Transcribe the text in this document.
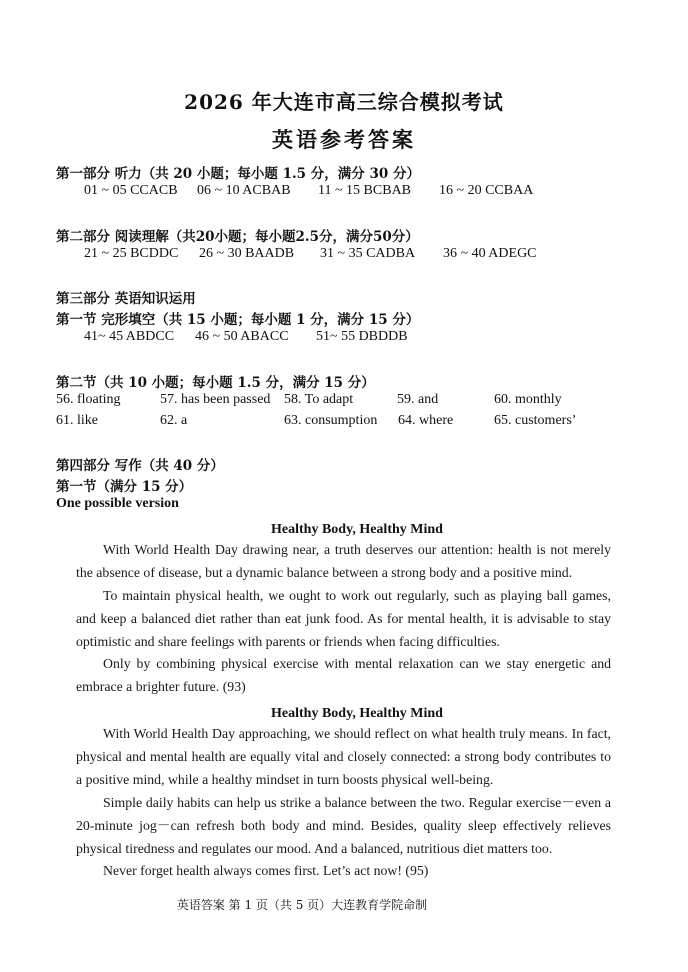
2026 年大连市高三综合模拟考试
英语参考答案
第一部分 听力（共 20 小题；每小题 1.5 分，满分 30 分）
01 ~ 05 CCACB 06 ~ 10 ACBAB 11 ~ 15 BCBAB 16 ~ 20 CCBAA
第二部分 阅读理解（共20小题；每小题2.5分，满分50分）
21 ~ 25 BCDDC 26 ~ 30 BAADB 31 ~ 35 CADBA 36 ~ 40 ADEGC
第三部分 英语知识运用
第一节 完形填空（共 15 小题；每小题 1 分，满分 15 分）
41~ 45 ABDCC 46 ~ 50 ABACC 51~ 55 DBDDB
第二节（共 10 小题；每小题 1.5 分，满分 15 分）
56. floating	57. has been passed 58. To adapt	59. and	60. monthly
61. like	62. a	63. consumption 64. where	65. customers’
第四部分 写作（共 40 分）
第一节（满分 15 分）
One possible version
Healthy Body, Healthy Mind
With World Health Day drawing near, a truth deserves our attention: health is not merely the absence of disease, but a dynamic balance between a strong body and a positive mind.
To maintain physical health, we ought to work out regularly, such as playing ball games, and keep a balanced diet rather than eat junk food. As for mental health, it is advisable to stay optimistic and share feelings with parents or friends when facing difficulties.
Only by combining physical exercise with mental relaxation can we stay energetic and embrace a brighter future. (93)
Healthy Body, Healthy Mind
With World Health Day approaching, we should reflect on what health truly means. In fact, physical and mental health are equally vital and closely connected: a strong body contributes to a positive mind, while a healthy mindset in turn boosts physical well-being.
Simple daily habits can help us strike a balance between the two. Regular exercise－even a 20-minute jog－can refresh both body and mind. Besides, quality sleep effectively relieves physical tiredness and regulates our mood. And a balanced, nutritious diet matters too.
Never forget health always comes first. Let’s act now! (95)
英语答案 第 1 页（共 5 页）大连教育学院命制
